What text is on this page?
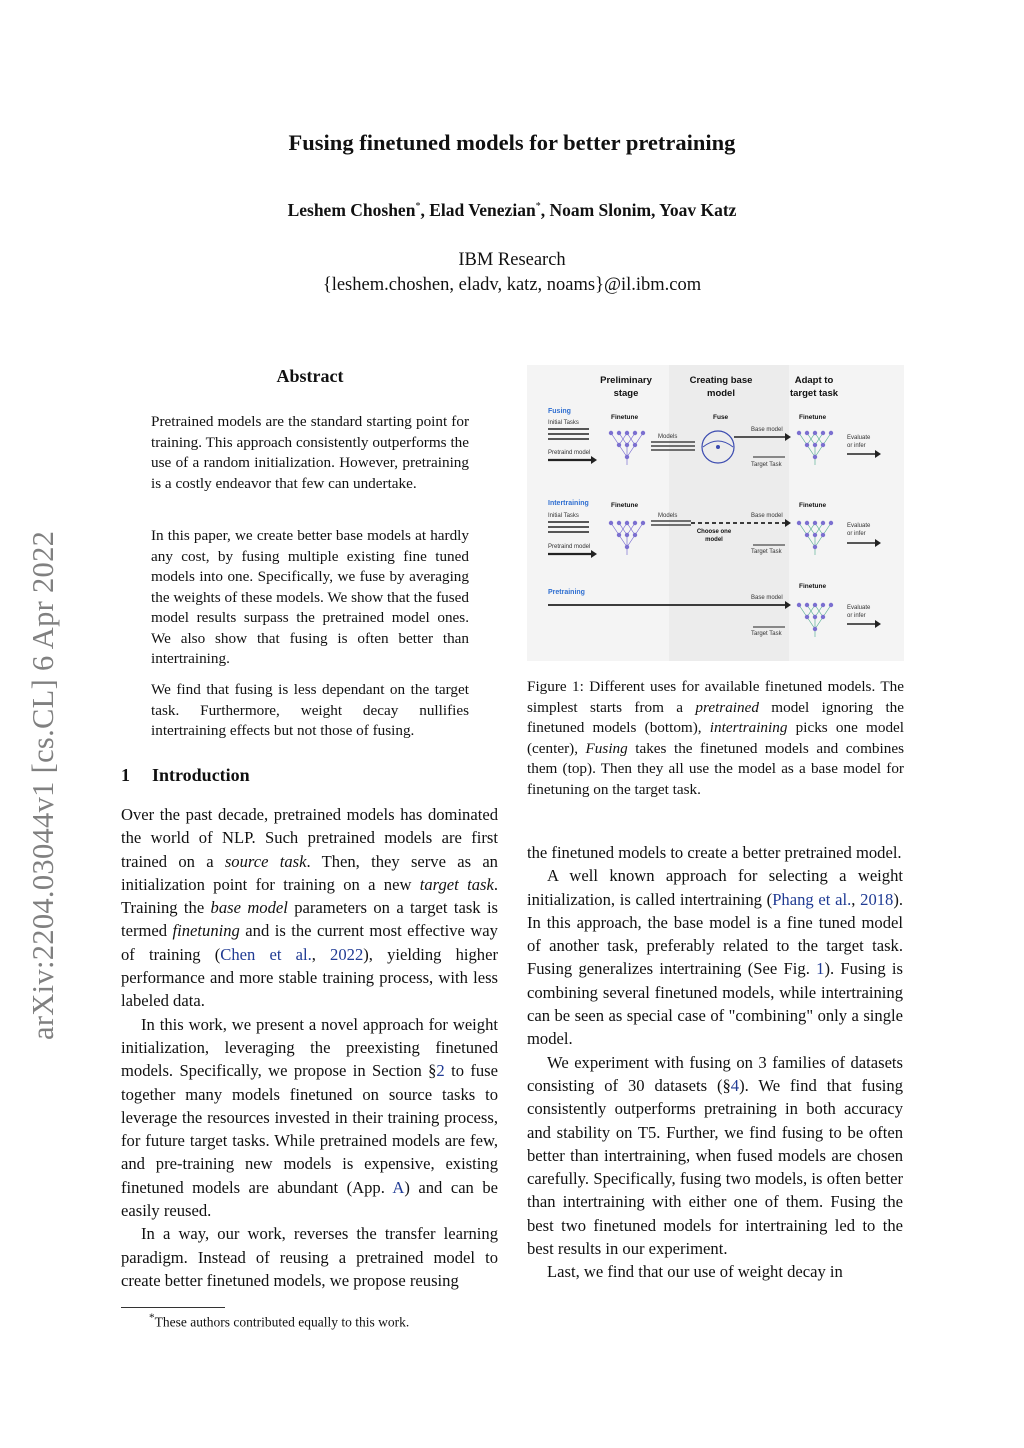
Fusing finetuned models for better pretraining
Leshem Choshen*, Elad Venezian*, Noam Slonim, Yoav Katz
IBM Research
{leshem.choshen, eladv, katz, noams}@il.ibm.com
arXiv:2204.03044v1 [cs.CL] 6 Apr 2022
Abstract
Pretrained models are the standard starting point for training. This approach consistently outperforms the use of a random initialization. However, pretraining is a costly endeavor that few can undertake.
In this paper, we create better base models at hardly any cost, by fusing multiple existing fine tuned models into one. Specifically, we fuse by averaging the weights of these models. We show that the fused model results surpass the pretrained model ones. We also show that fusing is often better than intertraining.
We find that fusing is less dependant on the target task. Furthermore, weight decay nullifies intertraining effects but not those of fusing.
1 Introduction

Over the past decade, pretrained models has dominated the world of NLP. Such pretrained models are first trained on a source task. Then, they serve as an initialization point for training on a new target task. Training the base model parameters on a target task is termed finetuning and is the current most effective way of training (Chen et al., 2022), yielding higher performance and more stable training process, with less labeled data.

In this work, we present a novel approach for weight initialization, leveraging the preexisting finetuned models. Specifically, we propose in Section §2 to fuse together many models finetuned on source tasks to leverage the resources invested in their training process, for future target tasks. While pretrained models are few, and pre-training new models is expensive, existing finetuned models are abundant (App. A) and can be easily reused.

In a way, our work, reverses the transfer learning paradigm. Instead of reusing a pretrained model to create better finetuned models, we propose reusing

*These authors contributed equally to this work.
Preliminary
stage
Creating base
model
Adapt to
target task
Fusing
Initial Tasks
Pretraind model
Finetune
Models
Fuse
Base model
Target Task
Finetune
Evaluate
or infer
Intertraining
Initial Tasks
Pretraind model
Finetune
Models
Choose one
model
Base model
Target Task
Finetune
Evaluate
or infer
Pretraining
Base model
Target Task
Finetune
Evaluate
or infer
Figure 1: Different uses for available finetuned models. The simplest starts from a pretrained model ignoring the finetuned models (bottom), intertraining picks one model (center), Fusing takes the finetuned models and combines them (top). Then they all use the model as a base model for finetuning on the target task.

the finetuned models to create a better pretrained model.

A well known approach for selecting a weight initialization, is called intertraining (Phang et al., 2018). In this approach, the base model is a fine tuned model of another task, preferably related to the target task. Fusing generalizes intertraining (See Fig. 1). Fusing is combining several finetuned models, while intertraining can be seen as special case of "combining" only a single model.

We experiment with fusing on 3 families of datasets consisting of 30 datasets (§4). We find that fusing consistently outperforms pretraining in both accuracy and stability on T5. Further, we find fusing to be often better than intertraining, when fused models are chosen carefully. Specifically, fusing two models, is often better than intertraining with either one of them. Fusing the best two finetuned models for intertraining led to the best results in our experiment.

Last, we find that our use of weight decay in
